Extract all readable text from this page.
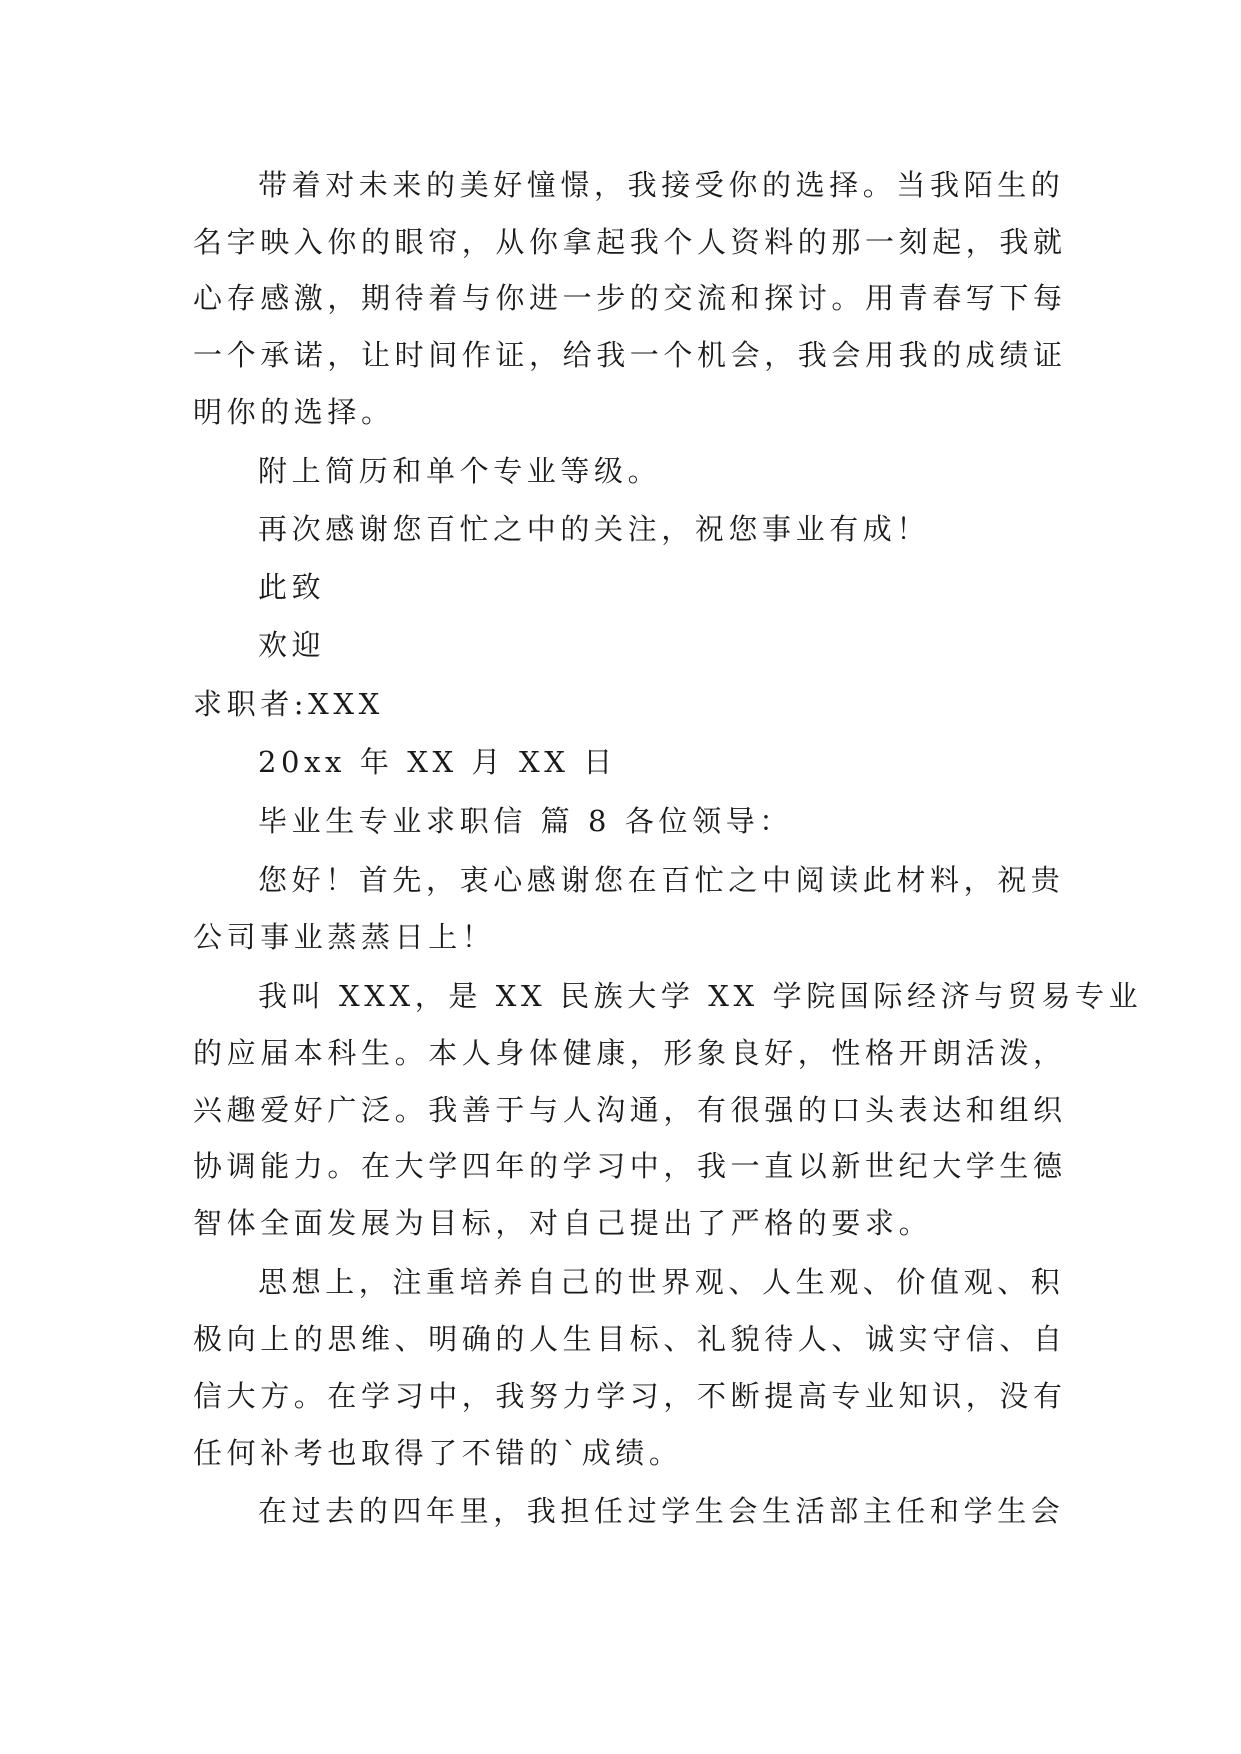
带着对未来的美好憧憬，我接受你的选择。当我陌生的
名字映入你的眼帘，从你拿起我个人资料的那一刻起，我就
心存感激，期待着与你进一步的交流和探讨。用青春写下每
一个承诺，让时间作证，给我一个机会，我会用我的成绩证
明你的选择。
附上简历和单个专业等级。
再次感谢您百忙之中的关注，祝您事业有成！
此致
欢迎
求职者:XXX
20xx 年 XX 月 XX 日
毕业生专业求职信 篇 8 各位领导：
您好！首先，衷心感谢您在百忙之中阅读此材料，祝贵
公司事业蒸蒸日上！
我叫 XXX，是 XX 民族大学 XX 学院国际经济与贸易专业
的应届本科生。本人身体健康，形象良好，性格开朗活泼，
兴趣爱好广泛。我善于与人沟通，有很强的口头表达和组织
协调能力。在大学四年的学习中，我一直以新世纪大学生德
智体全面发展为目标，对自己提出了严格的要求。
思想上，注重培养自己的世界观、人生观、价值观、积
极向上的思维、明确的人生目标、礼貌待人、诚实守信、自
信大方。在学习中，我努力学习，不断提高专业知识，没有
任何补考也取得了不错的`成绩。
在过去的四年里，我担任过学生会生活部主任和学生会
